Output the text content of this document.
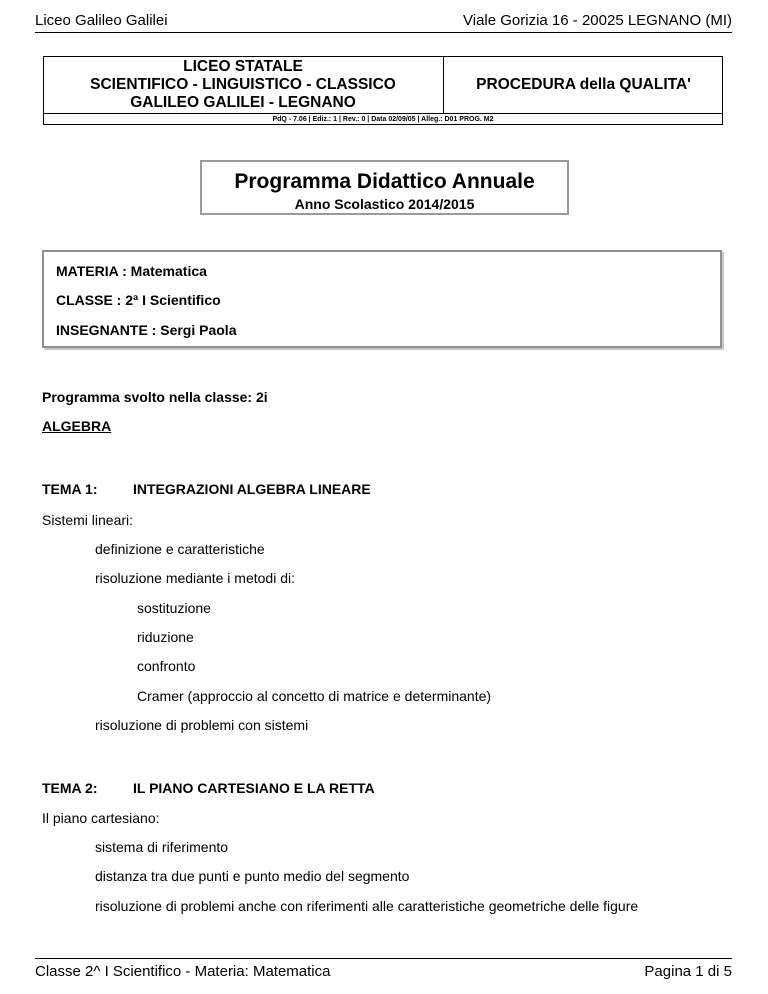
Liceo Galileo Galilei	Viale Gorizia 16 - 20025 LEGNANO (MI)
LICEO STATALE
SCIENTIFICO - LINGUISTICO - CLASSICO
GALILEO GALILEI - LEGNANO
PROCEDURA della QUALITA'
PdQ - 7.06 | Ediz.: 1 | Rev.: 0 | Data 02/09/05 | Alleg.: D01 PROG. M2
Programma Didattico Annuale
Anno Scolastico 2014/2015
MATERIA : Matematica
CLASSE : 2ª I Scientifico
INSEGNANTE : Sergi Paola
Programma svolto nella classe: 2i
ALGEBRA
TEMA 1:	INTEGRAZIONI ALGEBRA LINEARE
Sistemi lineari:
definizione e caratteristiche
risoluzione mediante i metodi di:
sostituzione
riduzione
confronto
Cramer (approccio al concetto di matrice e determinante)
risoluzione di problemi con sistemi
TEMA 2:	IL PIANO CARTESIANO E LA RETTA
Il piano cartesiano:
sistema di riferimento
distanza tra due punti e punto medio del segmento
risoluzione di problemi anche con riferimenti alle caratteristiche geometriche delle figure
Classe 2^ I Scientifico - Materia: Matematica	Pagina 1 di 5
